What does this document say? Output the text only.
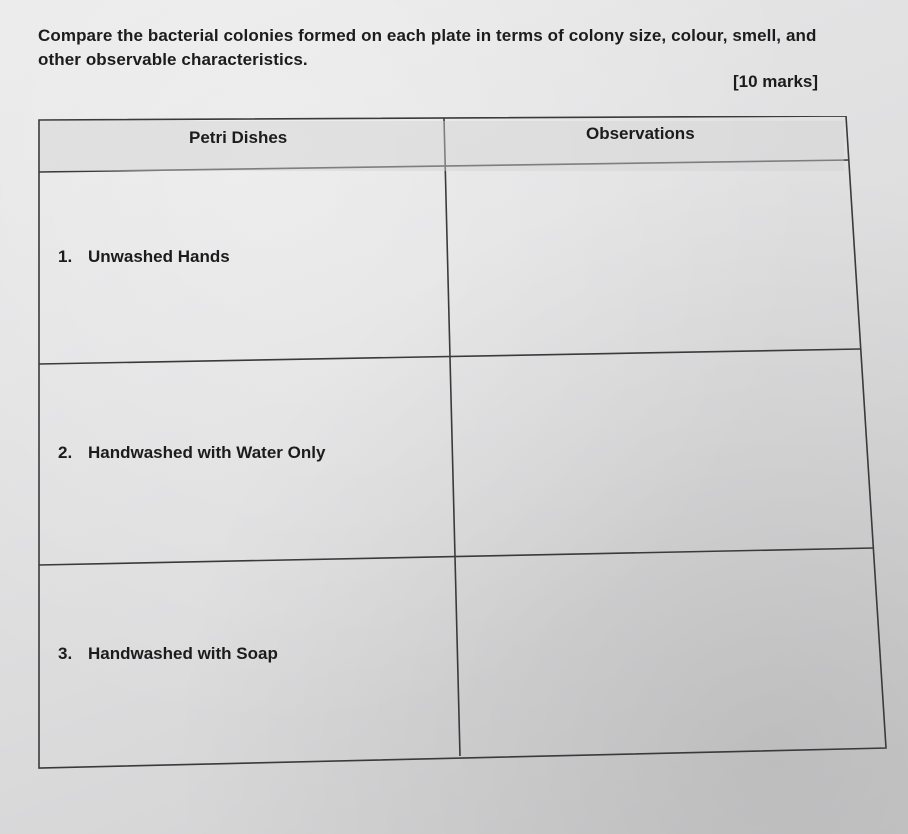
Compare the bacterial colonies formed on each plate in terms of colony size, colour, smell, and other observable characteristics.
[10 marks]
Petri Dishes	Observations
1. Unwashed Hands
2. Handwashed with Water Only
3. Handwashed with Soap
